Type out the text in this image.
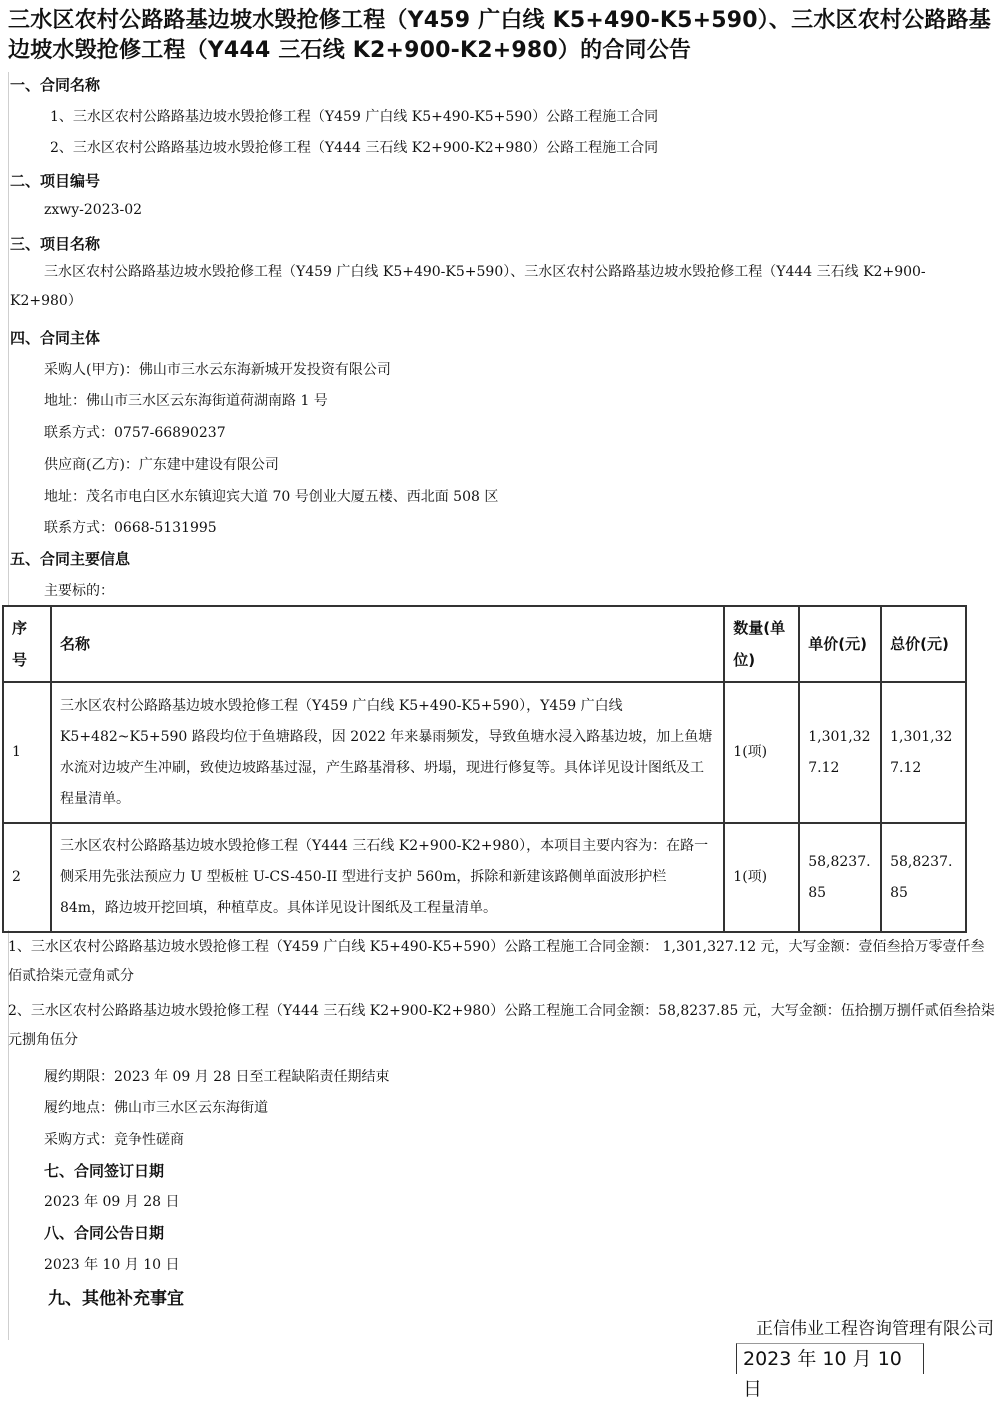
三水区农村公路路基边坡水毁抢修工程（Y459 广白线 K5+490-K5+590）、三水区农村公路路基边坡水毁抢修工程（Y444 三石线 K2+900-K2+980）的合同公告
一、合同名称
1、三水区农村公路路基边坡水毁抢修工程（Y459 广白线 K5+490-K5+590）公路工程施工合同
2、三水区农村公路路基边坡水毁抢修工程（Y444 三石线 K2+900-K2+980）公路工程施工合同
二、项目编号
zxwy-2023-02
三、项目名称
三水区农村公路路基边坡水毁抢修工程（Y459 广白线 K5+490-K5+590）、三水区农村公路路基边坡水毁抢修工程（Y444 三石线 K2+900-K2+980）
四、合同主体
采购人(甲方)：佛山市三水云东海新城开发投资有限公司
地址：佛山市三水区云东海街道荷湖南路 1 号
联系方式：0757-66890237
供应商(乙方)：广东建中建设有限公司
地址：茂名市电白区水东镇迎宾大道 70 号创业大厦五楼、西北面 508 区
联系方式：0668-5131995
五、合同主要信息
主要标的：
序号	名称	数量(单位)	单价(元)	总价(元)
1	三水区农村公路路基边坡水毁抢修工程（Y459 广白线 K5+490-K5+590），Y459 广白线 K5+482~K5+590 路段均位于鱼塘路段，因 2022 年来暴雨频发，导致鱼塘水浸入路基边坡，加上鱼塘水流对边坡产生冲刷，致使边坡路基过湿，产生路基滑移、坍塌，现进行修复等。具体详见设计图纸及工程量清单。	1(项)	1,301,327.12	1,301,327.12
2	三水区农村公路路基边坡水毁抢修工程（Y444 三石线 K2+900-K2+980），本项目主要内容为：在路一侧采用先张法预应力 U 型板桩 U-CS-450-II 型进行支护 560m，拆除和新建该路侧单面波形护栏 84m，路边坡开挖回填，种植草皮。具体详见设计图纸及工程量清单。	1(项)	58,8237.85	58,8237.85
1、三水区农村公路路基边坡水毁抢修工程（Y459 广白线 K5+490-K5+590）公路工程施工合同金额： 1,301,327.12 元，大写金额：壹佰叁拾万零壹仟叁佰贰拾柒元壹角贰分
2、三水区农村公路路基边坡水毁抢修工程（Y444 三石线 K2+900-K2+980）公路工程施工合同金额：58,8237.85 元，大写金额：伍拾捌万捌仟贰佰叁拾柒元捌角伍分
履约期限：2023 年 09 月 28 日至工程缺陷责任期结束
履约地点：佛山市三水区云东海街道
采购方式：竞争性磋商
七、合同签订日期
2023 年 09 月 28 日
八、合同公告日期
2023 年 10 月 10 日
九、其他补充事宜
正信伟业工程咨询管理有限公司
2023 年 10 月 10 日
